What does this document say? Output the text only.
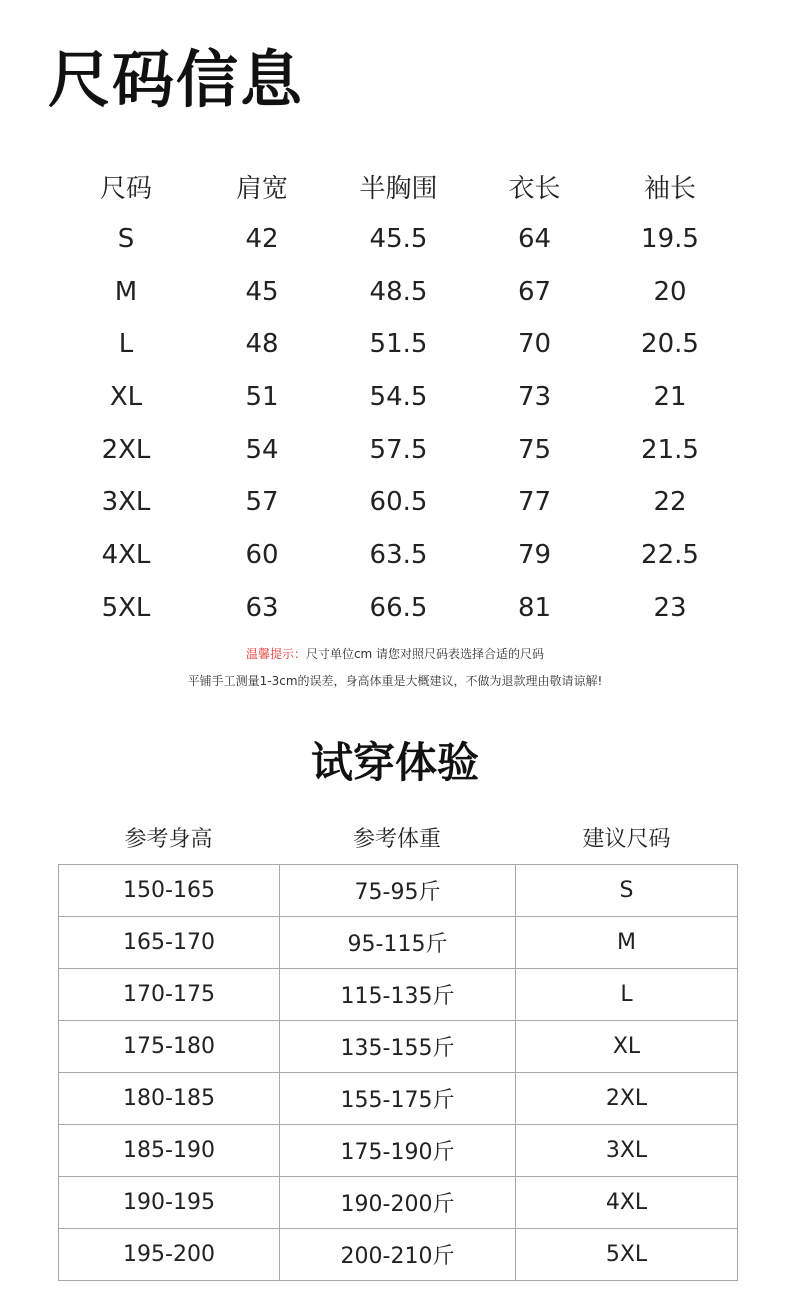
尺码信息
尺码	肩宽	半胸围	衣长	袖长
S	42	45.5	64	19.5
M	45	48.5	67	20
L	48	51.5	70	20.5
XL	51	54.5	73	21
2XL	54	57.5	75	21.5
3XL	57	60.5	77	22
4XL	60	63.5	79	22.5
5XL	63	66.5	81	23
温馨提示：尺寸单位cm 请您对照尺码表选择合适的尺码
平铺手工测量1-3cm的误差，身高体重是大概建议，不做为退款理由敬请谅解!
试穿体验
参考身高	参考体重	建议尺码
150-165	75-95斤	S
165-170	95-115斤	M
170-175	115-135斤	L
175-180	135-155斤	XL
180-185	155-175斤	2XL
185-190	175-190斤	3XL
190-195	190-200斤	4XL
195-200	200-210斤	5XL
